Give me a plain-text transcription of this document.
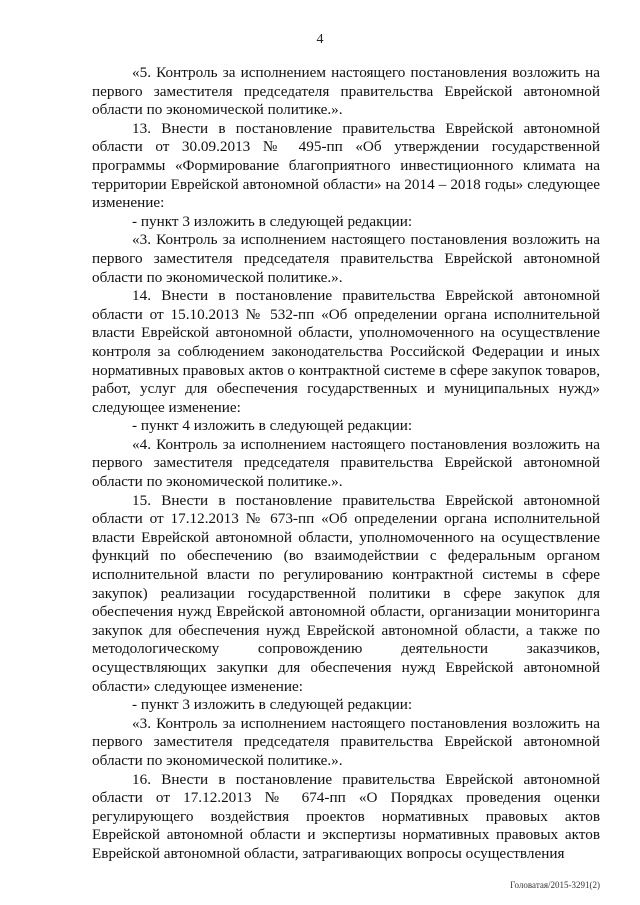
4

«5. Контроль за исполнением настоящего постановления возложить на первого заместителя председателя правительства Еврейской автономной области по экономической политике.».

13. Внести в постановление правительства Еврейской автономной области от 30.09.2013 № 495-пп «Об утверждении государственной программы «Формирование благоприятного инвестиционного климата на территории Еврейской автономной области» на 2014 – 2018 годы» следующее изменение:

- пункт 3 изложить в следующей редакции:

«3. Контроль за исполнением настоящего постановления возложить на первого заместителя председателя правительства Еврейской автономной области по экономической политике.».

14. Внести в постановление правительства Еврейской автономной области от 15.10.2013 № 532-пп «Об определении органа исполнительной власти Еврейской автономной области, уполномоченного на осуществление контроля за соблюдением законодательства Российской Федерации и иных нормативных правовых актов о контрактной системе в сфере закупок товаров, работ, услуг для обеспечения государственных и муниципальных нужд» следующее изменение:

- пункт 4 изложить в следующей редакции:

«4. Контроль за исполнением настоящего постановления возложить на первого заместителя председателя правительства Еврейской автономной области по экономической политике.».

15. Внести в постановление правительства Еврейской автономной области от 17.12.2013 № 673-пп «Об определении органа исполнительной власти Еврейской автономной области, уполномоченного на осуществление функций по обеспечению (во взаимодействии с федеральным органом исполнительной власти по регулированию контрактной системы в сфере закупок) реализации государственной политики в сфере закупок для обеспечения нужд Еврейской автономной области, организации мониторинга закупок для обеспечения нужд Еврейской автономной области, а также по методологическому сопровождению деятельности заказчиков, осуществляющих закупки для обеспечения нужд Еврейской автономной области» следующее изменение:

- пункт 3 изложить в следующей редакции:

«3. Контроль за исполнением настоящего постановления возложить на первого заместителя председателя правительства Еврейской автономной области по экономической политике.».

16. Внести в постановление правительства Еврейской автономной области от 17.12.2013 № 674-пп «О Порядках проведения оценки регулирующего воздействия проектов нормативных правовых актов Еврейской автономной области и экспертизы нормативных правовых актов Еврейской автономной области, затрагивающих вопросы осуществления

Головатая/2015-3291(2)
